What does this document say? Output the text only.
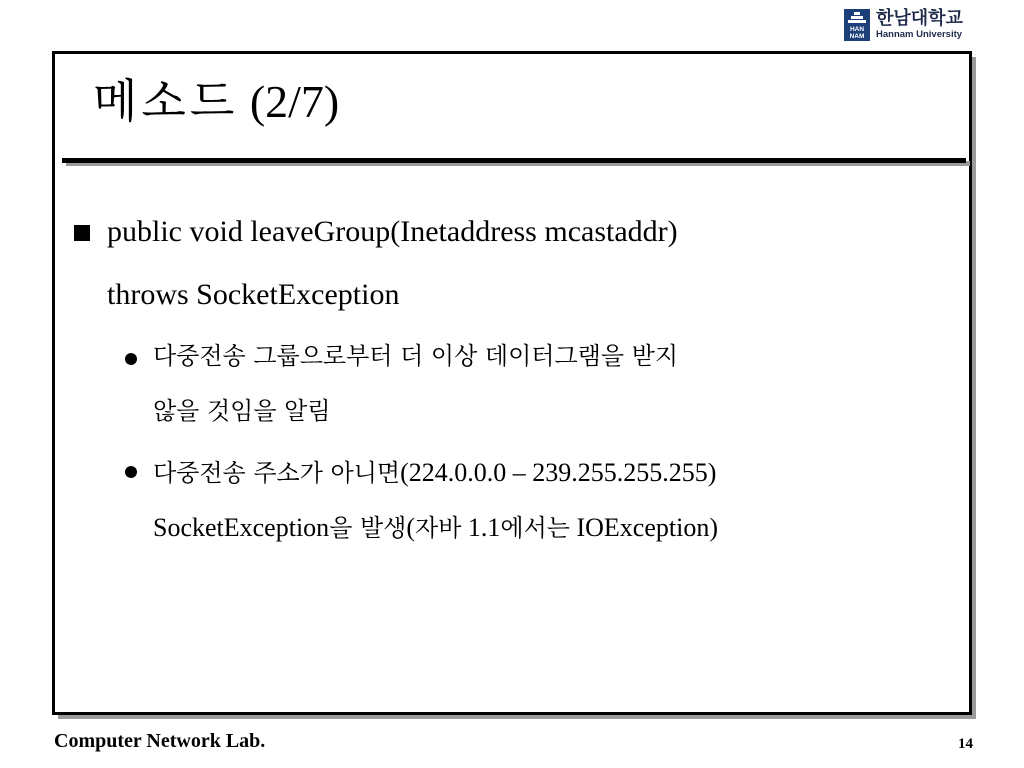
HAN
NAM
한남대학교
Hannam University
메소드 (2/7)
public void leaveGroup(Inetaddress mcastaddr)
throws SocketException
다중전송 그룹으로부터 더 이상 데이터그램을 받지
않을 것임을 알림
다중전송 주소가 아니면(224.0.0.0 – 239.255.255.255)
SocketException을 발생(자바 1.1에서는 IOException)
Computer Network Lab.	14
